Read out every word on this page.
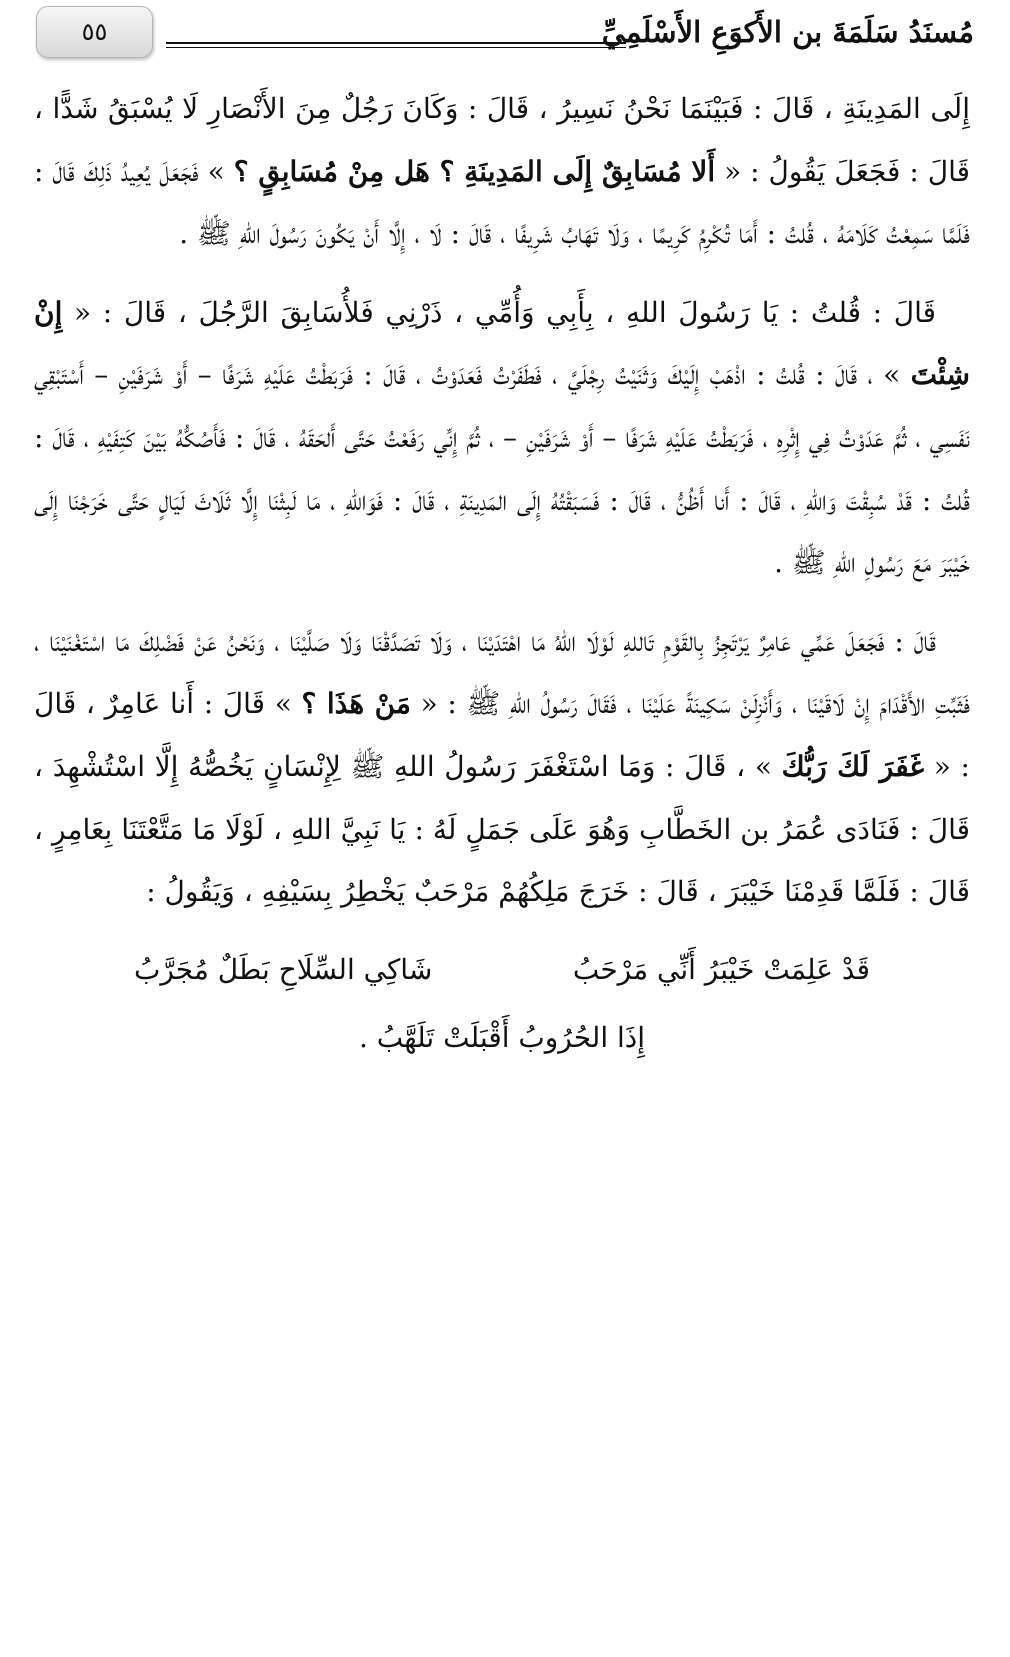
مُسنَدُ سَلَمَةَ بن الأَكوَعِ الأَسْلَمِيِّ
٥٥

إِلَى المَدِينَةِ ، قَالَ : فَبَيْنَمَا نَحْنُ نَسِيرُ ، قَالَ : وَكَانَ رَجُلٌ مِنَ الأَنْصَارِ لَا يُسْبَقُ شَدًّا ، قَالَ : فَجَعَلَ يَقُولُ : « أَلا مُسَابِقٌ إِلَى المَدِينَةِ ؟ هَل مِنْ مُسَابِقٍ ؟ » فَجَعَلَ يُعِيدُ ذَلِكَ قَالَ : فَلَمَّا سَمِعْتُ كَلَامَهُ ، قُلتُ : أَمَا تُكْرِمُ كَرِيمًا ، وَلَا تَهَابُ شَرِيفًا ، قَالَ : لَا ، إِلَّا أَنْ يَكُونَ رَسُولَ اللهِ ﷺ .

قَالَ : قُلتُ : يَا رَسُولَ اللهِ ، بِأَبِي وَأُمِّي ، ذَرْنِي فَلأُسَابِقَ الرَّجُلَ ، قَالَ : « إِنْ شِئْتَ » ، قَالَ : قُلتُ : اذْهَبْ إِلَيْكَ وَثَنَيْتُ رِجْلَيَّ ، فَطَفَرْتُ فَعَدَوْتُ ، قَالَ : فَرَبَطْتُ عَلَيْهِ شَرَفًا – أَوْ شَرَفَيْنِ – أَسْتَبْقِي نَفَسِي ، ثُمَّ عَدَوْتُ فِي إِثْرِهِ ، فَرَبَطْتُ عَلَيْهِ شَرَفًا – أَوْ شَرَفَيْنِ – ، ثُمَّ إِنِّي رَفَعْتُ حَتَّى أَلحَقَهُ ، قَالَ : فَأَصُكُّهُ بَيْنَ كَتِفَيْهِ ، قَالَ : قُلتُ : قَدْ سُبِقْتَ وَاللهِ ، قَالَ : أَنا أَظُنُّ ، قَالَ : فَسَبَقْتُهُ إِلَى المَدِينَةِ ، قَالَ : فَوَاللهِ ، مَا لَبِثْنَا إِلَّا ثَلَاثَ لَيَالٍ حَتَّى خَرَجْنَا إِلَى خَيْبَرَ مَعَ رَسُولِ اللهِ ﷺ .

قَالَ : فَجَعَلَ عَمِّي عَامِرٌ يَرْتَجِزُ بِالقَوْمِ تَاللهِ لَوْلَا اللهُ مَا اهْتَدَيْنَا ، وَلَا تَصَدَّقْنَا وَلَا صَلَّيْنَا ، وَنَحْنُ عَنْ فَضْلِكَ مَا اسْتَغْنَيْنَا ، فَثَبِّتِ الأَقْدَامَ إِنْ لَاقَيْنَا ، وَأَنْزِلَنْ سَكِينَةً عَلَيْنَا ، فَقَالَ رَسُولُ اللهِ ﷺ : « مَنْ هَذَا ؟ » قَالَ : أَنا عَامِرٌ ، قَالَ : « غَفَرَ لَكَ رَبُّكَ » ، قَالَ : وَمَا اسْتَغْفَرَ رَسُولُ اللهِ ﷺ لِإِنْسَانٍ يَخُصُّهُ إِلَّا اسْتُشْهِدَ ، قَالَ : فَنَادَى عُمَرُ بن الخَطَّابِ وَهُوَ عَلَى جَمَلٍ لَهُ : يَا نَبِيَّ اللهِ ، لَوْلَا مَا مَتَّعْتَنَا بِعَامِرٍ ، قَالَ : فَلَمَّا قَدِمْنَا خَيْبَرَ ، قَالَ : خَرَجَ مَلِكُهُمْ مَرْحَبٌ يَخْطِرُ بِسَيْفِهِ ، وَيَقُولُ :

قَدْ عَلِمَتْ خَيْبَرُ أَنِّي مَرْحَبُ
شَاكِي السِّلَاحِ بَطَلٌ مُجَرَّبُ
إِذَا الحُرُوبُ أَقْبَلَتْ تَلَهَّبُ .
